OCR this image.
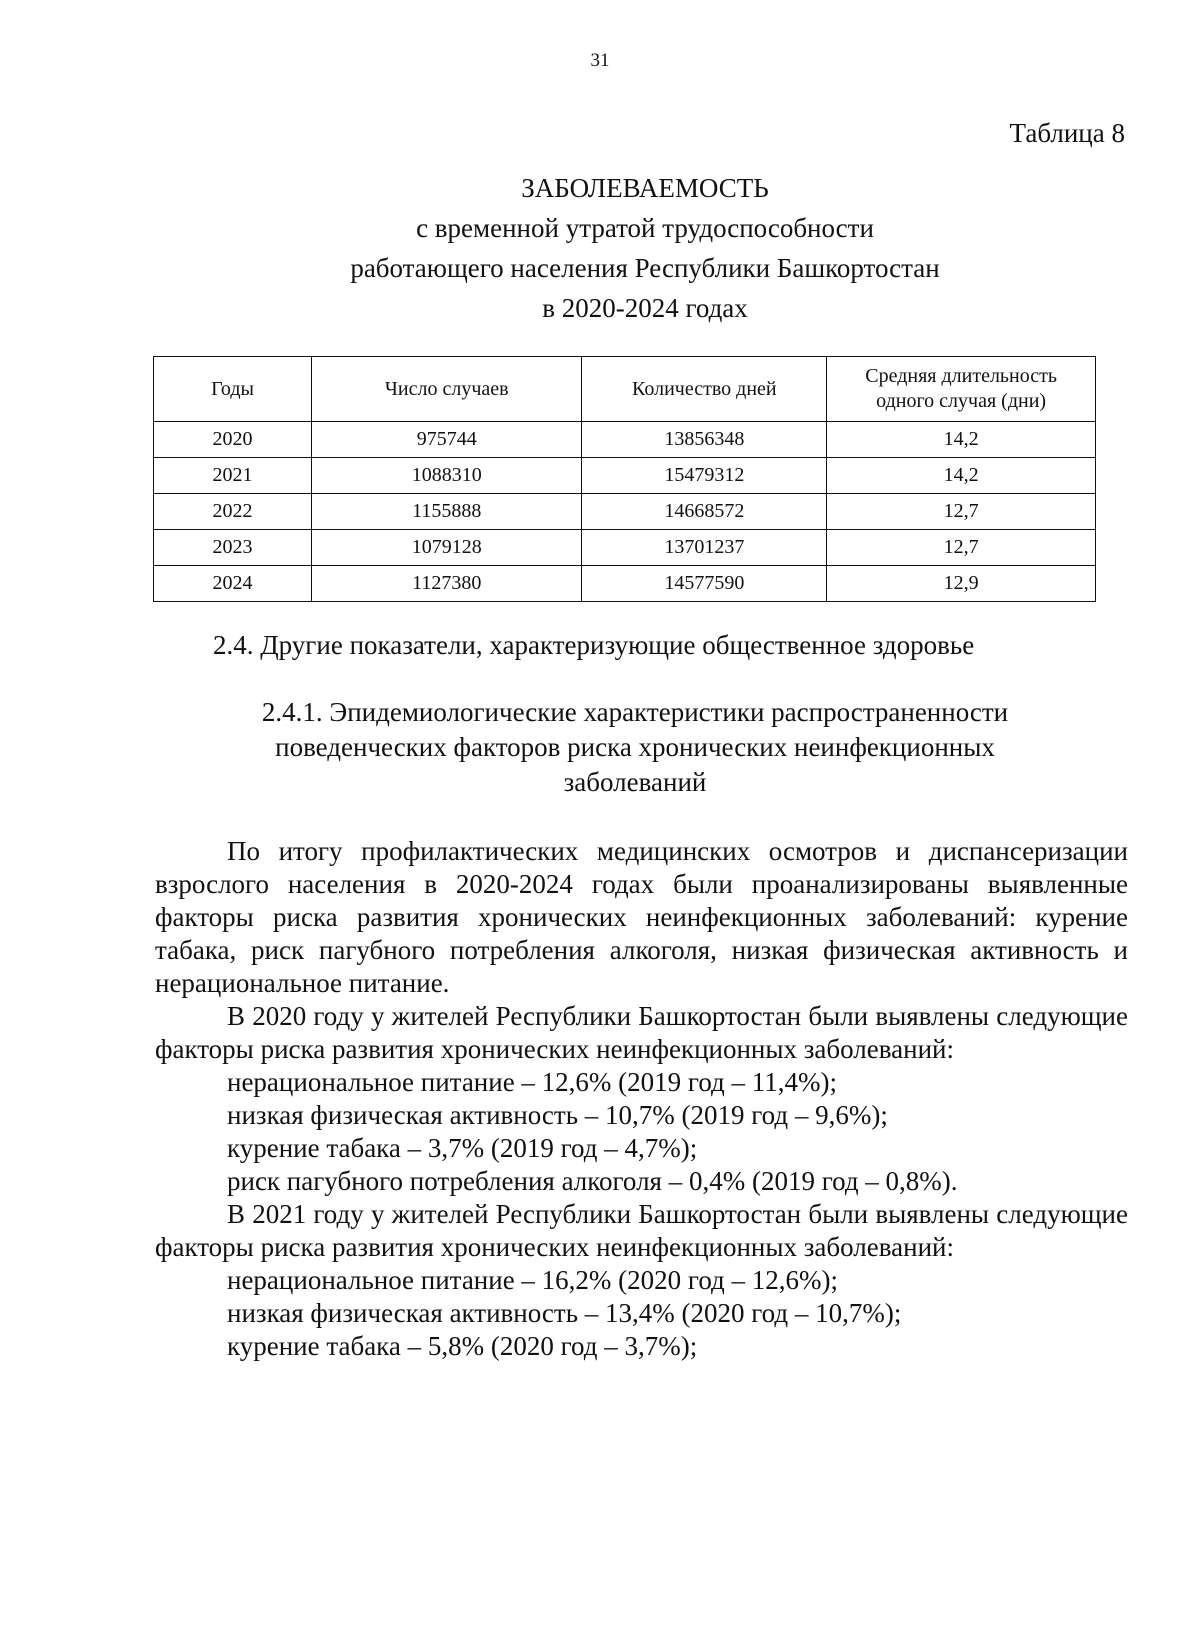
31
Таблица 8
ЗАБОЛЕВАЕМОСТЬ
с временной утратой трудоспособности
работающего населения Республики Башкортостан
в 2020-2024 годах
Годы	Число случаев	Количество дней	Средняя длительность
одного случая (дни)
2020	975744	13856348	14,2
2021	1088310	15479312	14,2
2022	1155888	14668572	12,7
2023	1079128	13701237	12,7
2024	1127380	14577590	12,9
2.4. Другие показатели, характеризующие общественное здоровье
2.4.1. Эпидемиологические характеристики распространенности
поведенческих факторов риска хронических неинфекционных
заболеваний

По итогу профилактических медицинских осмотров и диспансеризации взрослого населения в 2020-2024 годах были проанализированы выявленные факторы риска развития хронических неинфекционных заболеваний: курение табака, риск пагубного потребления алкоголя, низкая физическая активность и нерациональное питание.

В 2020 году у жителей Республики Башкортостан были выявлены следующие факторы риска развития хронических неинфекционных заболеваний:

нерациональное питание – 12,6% (2019 год – 11,4%);
низкая физическая активность – 10,7% (2019 год – 9,6%);
курение табака – 3,7% (2019 год – 4,7%);
риск пагубного потребления алкоголя – 0,4% (2019 год – 0,8%).

В 2021 году у жителей Республики Башкортостан были выявлены следующие факторы риска развития хронических неинфекционных заболеваний:

нерациональное питание – 16,2% (2020 год – 12,6%);
низкая физическая активность – 13,4% (2020 год – 10,7%);
курение табака – 5,8% (2020 год – 3,7%);
